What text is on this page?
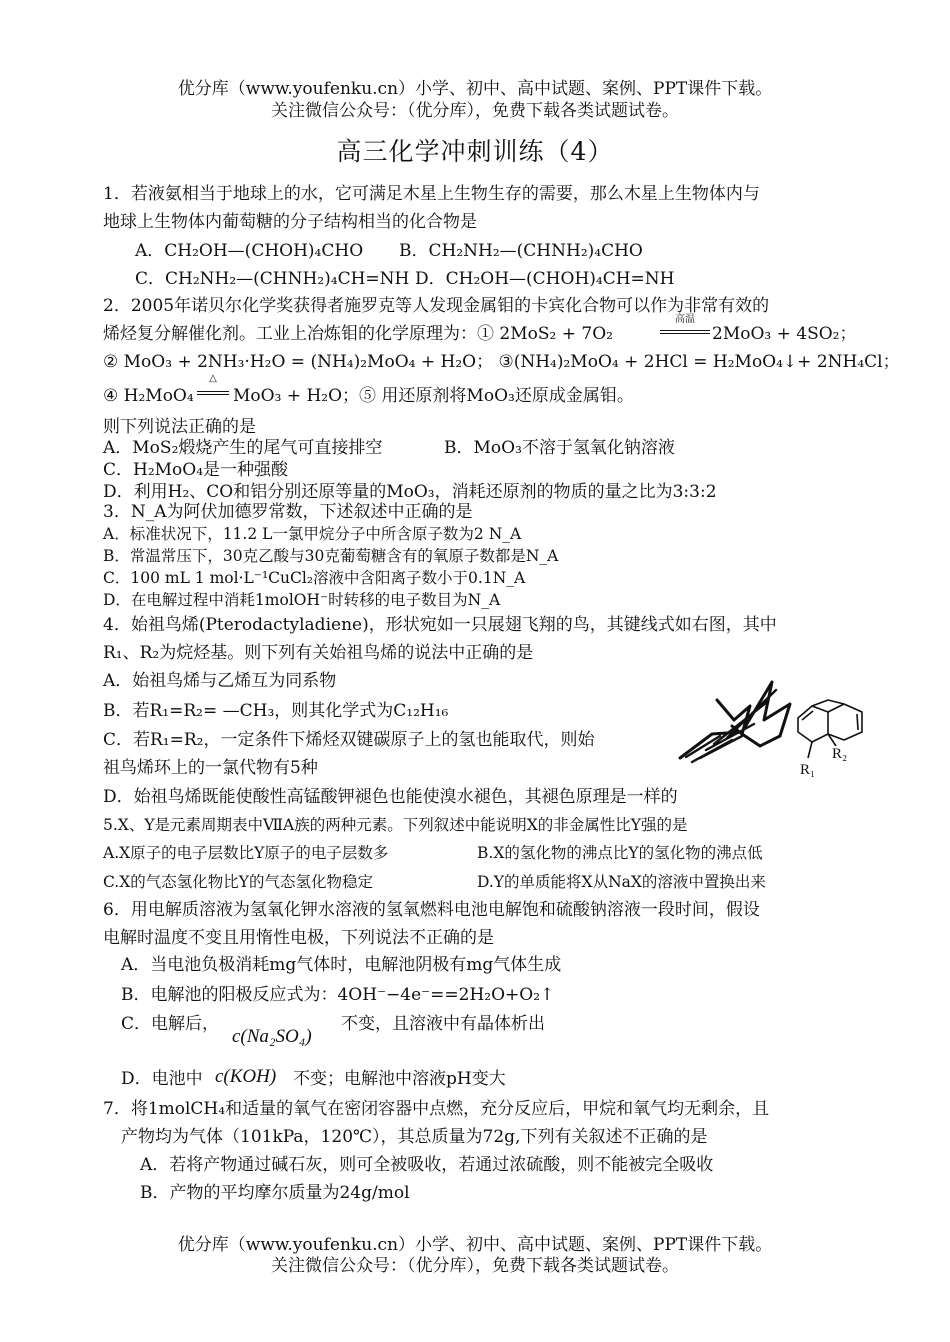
优分库（www.youfenku.cn）小学、初中、高中试题、案例、PPT课件下载。
关注微信公众号：（优分库），免费下载各类试题试卷。
高三化学冲刺训练（4）
1．若液氨相当于地球上的水，它可满足木星上生物生存的需要，那么木星上生物体内与
地球上生物体内葡萄糖的分子结构相当的化合物是
A．CH₂OH—(CHOH)₄CHO B．CH₂NH₂—(CHNH₂)₄CHO
C．CH₂NH₂—(CHNH₂)₄CH=NH D．CH₂OH—(CHOH)₄CH=NH
2．2005年诺贝尔化学奖获得者施罗克等人发现金属钼的卡宾化合物可以作为非常有效的
烯烃复分解催化剂。工业上冶炼钼的化学原理为：① 2MoS₂ + 7O₂
高温
2MoO₃ + 4SO₂；
② MoO₃ + 2NH₃·H₂O = (NH₄)₂MoO₄ + H₂O； ③(NH₄)₂MoO₄ + 2HCl = H₂MoO₄↓+ 2NH₄Cl；
④ H₂MoO₄
△
MoO₃ + H₂O；⑤ 用还原剂将MoO₃还原成金属钼。
则下列说法正确的是
A．MoS₂煅烧产生的尾气可直接排空	B．MoO₃不溶于氢氧化钠溶液
C．H₂MoO₄是一种强酸
D．利用H₂、CO和铝分别还原等量的MoO₃，消耗还原剂的物质的量之比为3:3:2
3．N_A为阿伏加德罗常数，下述叙述中正确的是
A．标准状况下，11.2 L一氯甲烷分子中所含原子数为2 N_A
B．常温常压下，30克乙酸与30克葡萄糖含有的氧原子数都是N_A
C．100 mL 1 mol·L⁻¹CuCl₂溶液中含阳离子数小于0.1N_A
D．在电解过程中消耗1molOH⁻时转移的电子数目为N_A
4．始祖鸟烯(Pterodactyladiene)，形状宛如一只展翅飞翔的鸟，其键线式如右图，其中
R₁、R₂为烷烃基。则下列有关始祖鸟烯的说法中正确的是
A．始祖鸟烯与乙烯互为同系物
B．若R₁=R₂= —CH₃，则其化学式为C₁₂H₁₆
C．若R₁=R₂，一定条件下烯烃双键碳原子上的氢也能取代，则始
祖鸟烯环上的一氯代物有5种
D．始祖鸟烯既能使酸性高锰酸钾褪色也能使溴水褪色，其褪色原理是一样的
R₁
R₂
5.X、Y是元素周期表中ⅦA族的两种元素。下列叙述中能说明X的非金属性比Y强的是
A.X原子的电子层数比Y原子的电子层数多	B.X的氢化物的沸点比Y的氢化物的沸点低
C.X的气态氢化物比Y的气态氢化物稳定	D.Y的单质能将X从NaX的溶液中置换出来
6．用电解质溶液为氢氧化钾水溶液的氢氧燃料电池电解饱和硫酸钠溶液一段时间，假设
电解时温度不变且用惰性电极，下列说法不正确的是
A．当电池负极消耗mg气体时，电解池阴极有mg气体生成
B．电解池的阳极反应式为：4OH⁻−4e⁻==2H₂O+O₂↑
C．电解后，
c(Na₂SO₄)
不变，且溶液中有晶体析出
D．电池中 c(KOH) 不变；电解池中溶液pH变大
7．将1molCH₄和适量的氧气在密闭容器中点燃，充分反应后，甲烷和氧气均无剩余，且
产物均为气体（101kPa，120℃），其总质量为72g,下列有关叙述不正确的是
A．若将产物通过碱石灰，则可全被吸收，若通过浓硫酸，则不能被完全吸收
B．产物的平均摩尔质量为24g/mol
优分库（www.youfenku.cn）小学、初中、高中试题、案例、PPT课件下载。
关注微信公众号：（优分库），免费下载各类试题试卷。
